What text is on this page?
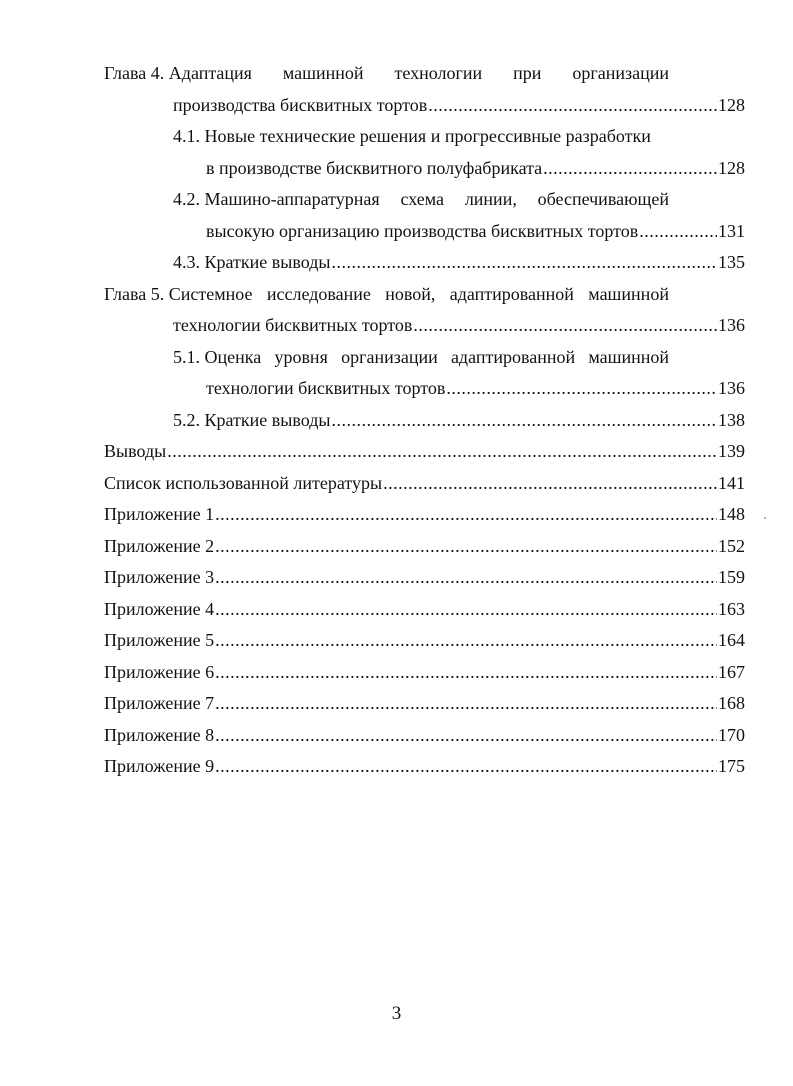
Глава 4. Адаптация машинной технологии при организации
производства бисквитных тортов .....	128
4.1. Новые технические решения и прогрессивные разработки
в производстве бисквитного полуфабриката .....	128
4.2. Машино-аппаратурная схема линии, обеспечивающей
высокую организацию производства бисквитных тортов .....	131
4.3. Краткие выводы .....	135
Глава 5. Системное исследование новой, адаптированной машинной
технологии бисквитных тортов .....	136
5.1. Оценка уровня организации адаптированной машинной
технологии бисквитных тортов .....	136
5.2. Краткие выводы .....	138
Выводы .....	139
Список использованной литературы .....	141
Приложение 1 .....	148
Приложение 2 .....	152
Приложение 3 .....	159
Приложение 4 .....	163
Приложение 5 .....	164
Приложение 6 .....	167
Приложение 7 .....	168
Приложение 8 .....	170
Приложение 9 .....	175
3
